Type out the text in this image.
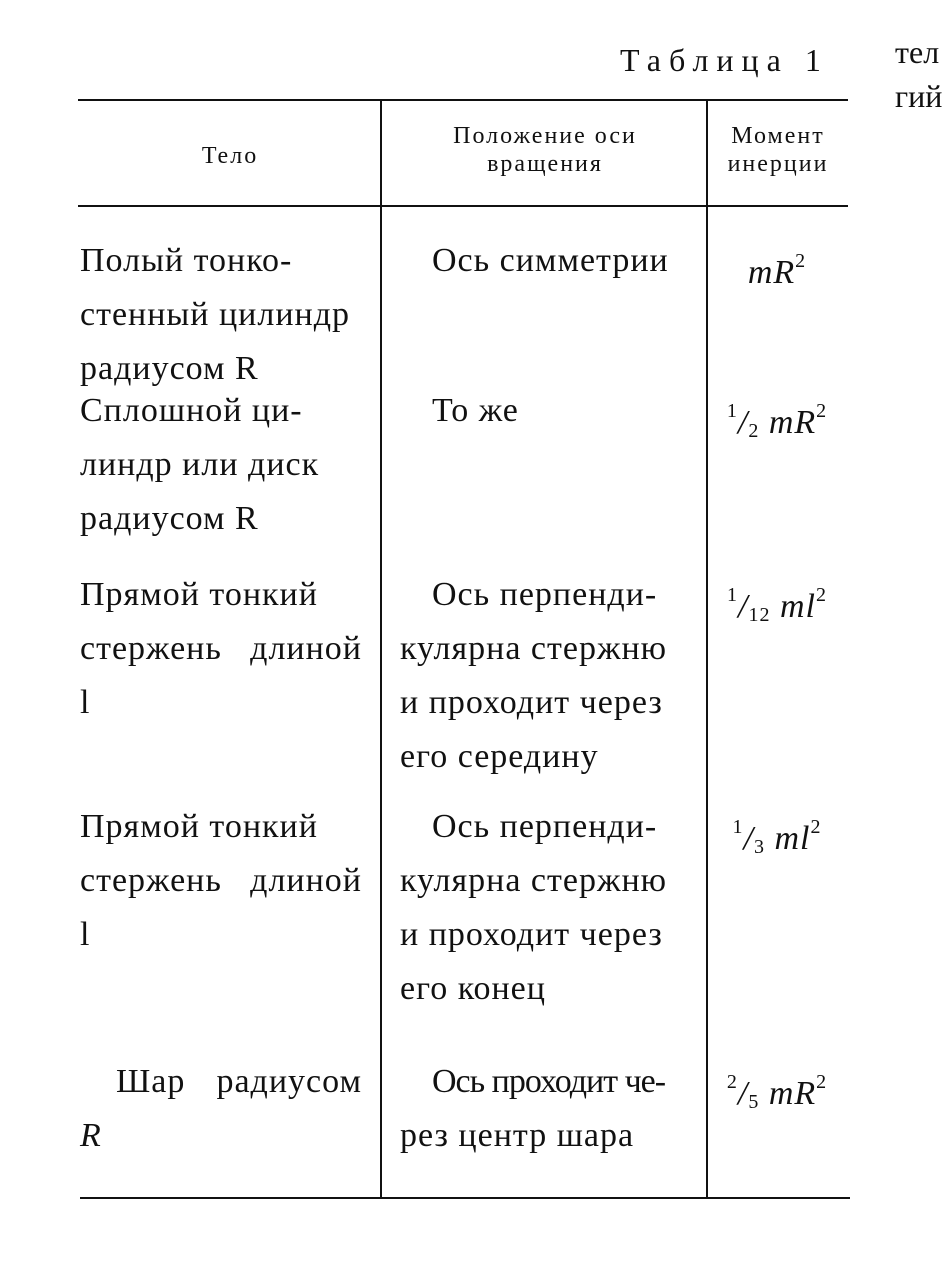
Таблица 1 тел
гий
Тело
Положение оси вращения
Момент инерции
Полый тонко-
стенный цилиндр
радиусом R
Ось симметрии	$mR^2$
Сплошной ци-
линдр или диск
радиусом R
То же	$^1/_2$ $mR^2$
Прямой тонкий
стержень длиной l
Ось перпенди-
кулярна стержню
и проходит через
его середину
$^1/_{12}$ $ml^2$
Прямой тонкий
стержень длиной l
Ось перпенди-
кулярна стержню
и проходит через
его конец
$^1/_3$ $ml^2$
Шар радиусом
R
Ось проходит че-
рез центр шара
$^2/_5$ $mR^2$
